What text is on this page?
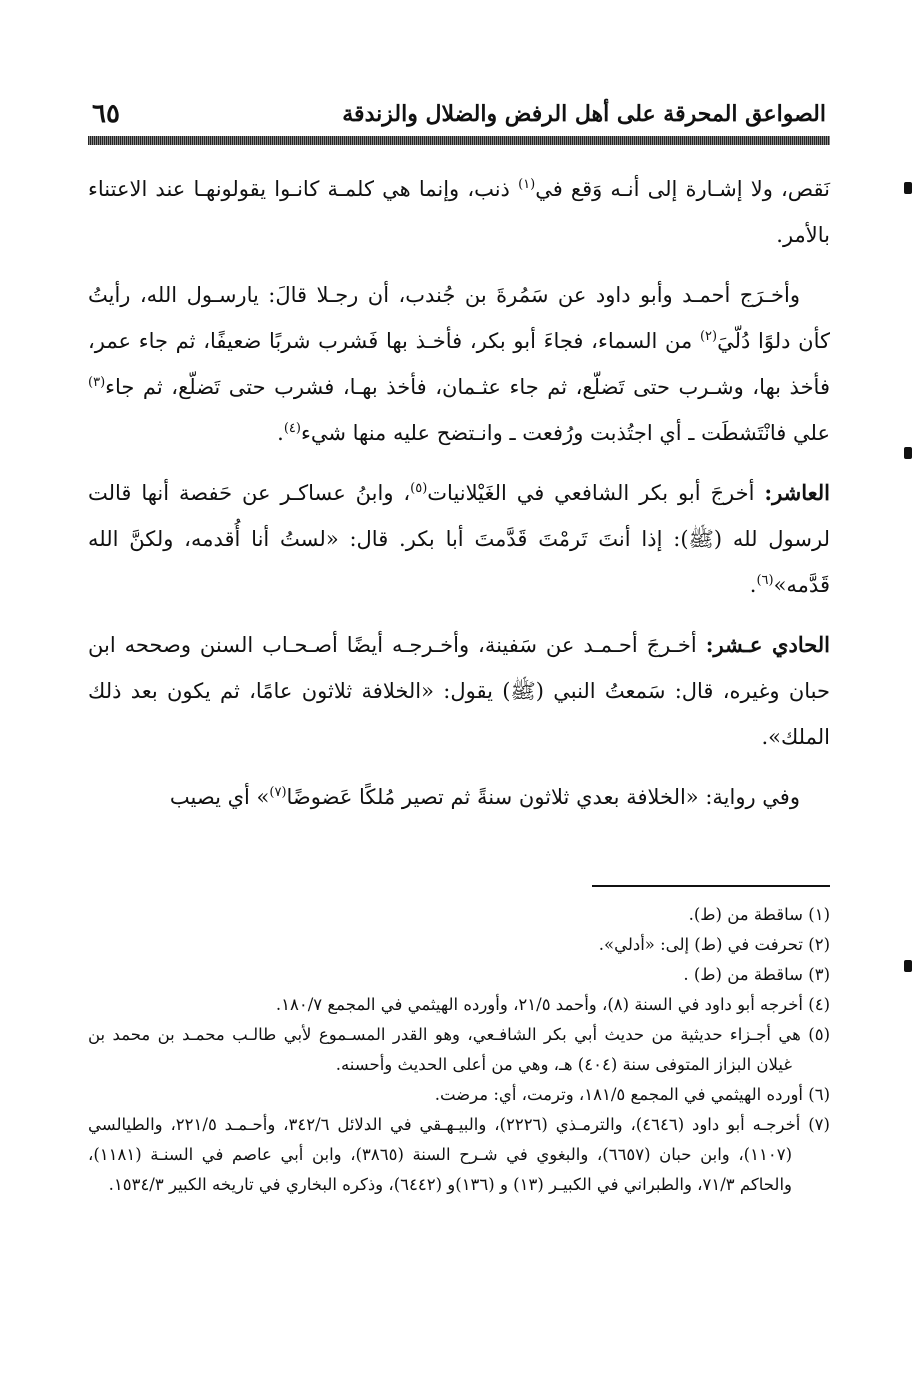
الصواعق المحرقة على أهل الرفض والضلال والزندقة
٦٥

نَقص، ولا إشـارة إلى أنـه وَقع في$^{(١)}$ ذنب، وإنما هي كلمـة كانـوا يقولونهـا عند الاعتناء بالأمر.

وأخـرَج أحمـد وأبو داود عن سَمُرةَ بن جُندب، أن رجـلا قالَ: يارسـول الله، رأيتُ كأن دلوًا دُلّيَ$^{(٢)}$ من السماء، فجاءَ أبو بكر، فأخـذ بها فَشرب شربًا ضعيفًا، ثم جاء عمر، فأخذ بها، وشـرب حتى تَضلّع، ثم جاء عثـمان، فأخذ بهـا، فشرب حتى تَضلّع، ثم جاء$^{(٣)}$ علي فانْتَشطَت ـ أي اجتُذبت ورُفعت ـ وانـتضح عليه منها شيء$^{(٤)}$.

العاشر: أخرجَ أبو بكر الشافعي في الغَيْلانيات$^{(٥)}$، وابنُ عساكـر عن حَفصة أنها قالت لرسول لله (ﷺ): إذا أنتَ تَرمْتَ قَدَّمتَ أبا بكر. قال: «لستُ أنا أُقدمه، ولكنَّ الله قَدَّمه»$^{(٦)}$.

الحادي عـشر: أخـرجَ أحـمـد عن سَفينة، وأخـرجـه أيضًا أصـحـاب السنن وصححه ابن حبان وغيره، قال: سَمعتُ النبي (ﷺ) يقول: «الخلافة ثلاثون عامًا، ثم يكون بعد ذلك الملك».

وفي رواية: «الخلافة بعدي ثلاثون سنةً ثم تصير مُلكًا عَضوضًا$^{(٧)}$» أي يصيب

(١) ساقطة من (ط).

(٢) تحرفت في (ط) إلى: «أدلي».

(٣) ساقطة من (ط) .

(٤) أخرجه أبو داود في السنة (٨)، وأحمد ٢١/٥، وأورده الهيثمي في المجمع ١٨٠/٧.

(٥) هي أجـزاء حديثية من حديث أبي بكر الشافـعي، وهو القدر المسـموع لأبي طالـب محمـد بن محمد بن غيلان البزاز المتوفى سنة (٤٠٤) هـ، وهي من أعلى الحديث وأحسنه.

(٦) أورده الهيثمي في المجمع ١٨١/٥، وترمت، أي: مرضت.

(٧) أخرجـه أبو داود (٤٦٤٦)، والترمـذي (٢٢٢٦)، والبيـهـقي في الدلائل ٣٤٢/٦، وأحـمـد ٢٢١/٥، والطيالسي (١١٠٧)، وابن حبان (٦٦٥٧)، والبغوي في شـرح السنة (٣٨٦٥)، وابن أبي عاصم في السنـة (١١٨١)، والحاكم ٧١/٣، والطبراني في الكبيـر (١٣) و (١٣٦)و (٦٤٤٢)، وذكره البخاري في تاريخه الكبير ١٥٣٤/٣.
